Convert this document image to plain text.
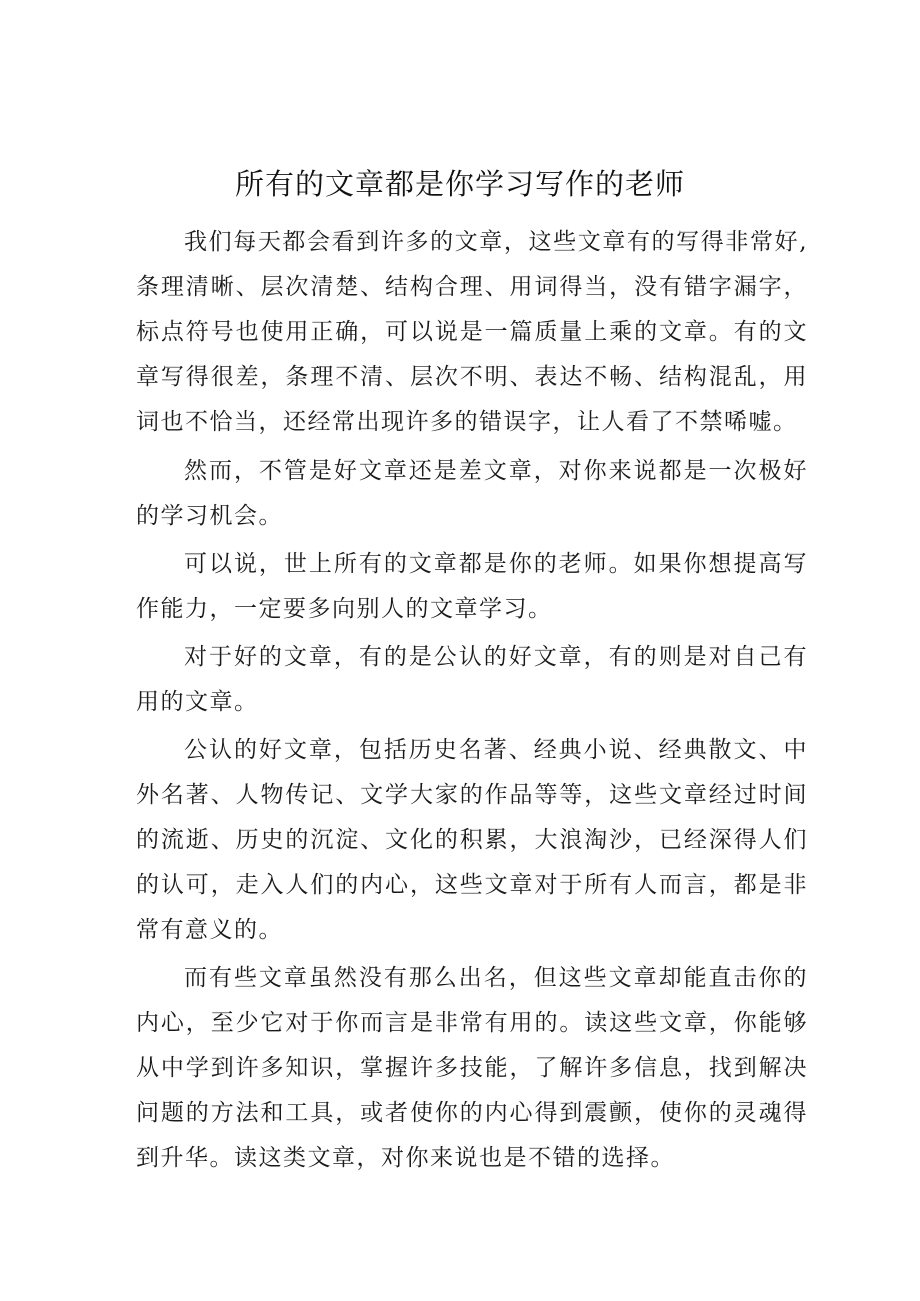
所有的文章都是你学习写作的老师

我们每天都会看到许多的文章，这些文章有的写得非常好,条理清晰、层次清楚、结构合理、用词得当，没有错字漏字，标点符号也使用正确，可以说是一篇质量上乘的文章。有的文章写得很差，条理不清、层次不明、表达不畅、结构混乱，用词也不恰当，还经常出现许多的错误字，让人看了不禁唏嘘。

然而，不管是好文章还是差文章，对你来说都是一次极好的学习机会。

可以说，世上所有的文章都是你的老师。如果你想提高写作能力，一定要多向别人的文章学习。

对于好的文章，有的是公认的好文章，有的则是对自己有用的文章。

公认的好文章，包括历史名著、经典小说、经典散文、中外名著、人物传记、文学大家的作品等等，这些文章经过时间的流逝、历史的沉淀、文化的积累，大浪淘沙，已经深得人们的认可，走入人们的内心，这些文章对于所有人而言，都是非常有意义的。

而有些文章虽然没有那么出名，但这些文章却能直击你的内心，至少它对于你而言是非常有用的。读这些文章，你能够从中学到许多知识，掌握许多技能，了解许多信息，找到解决问题的方法和工具，或者使你的内心得到震颤，使你的灵魂得到升华。读这类文章，对你来说也是不错的选择。
